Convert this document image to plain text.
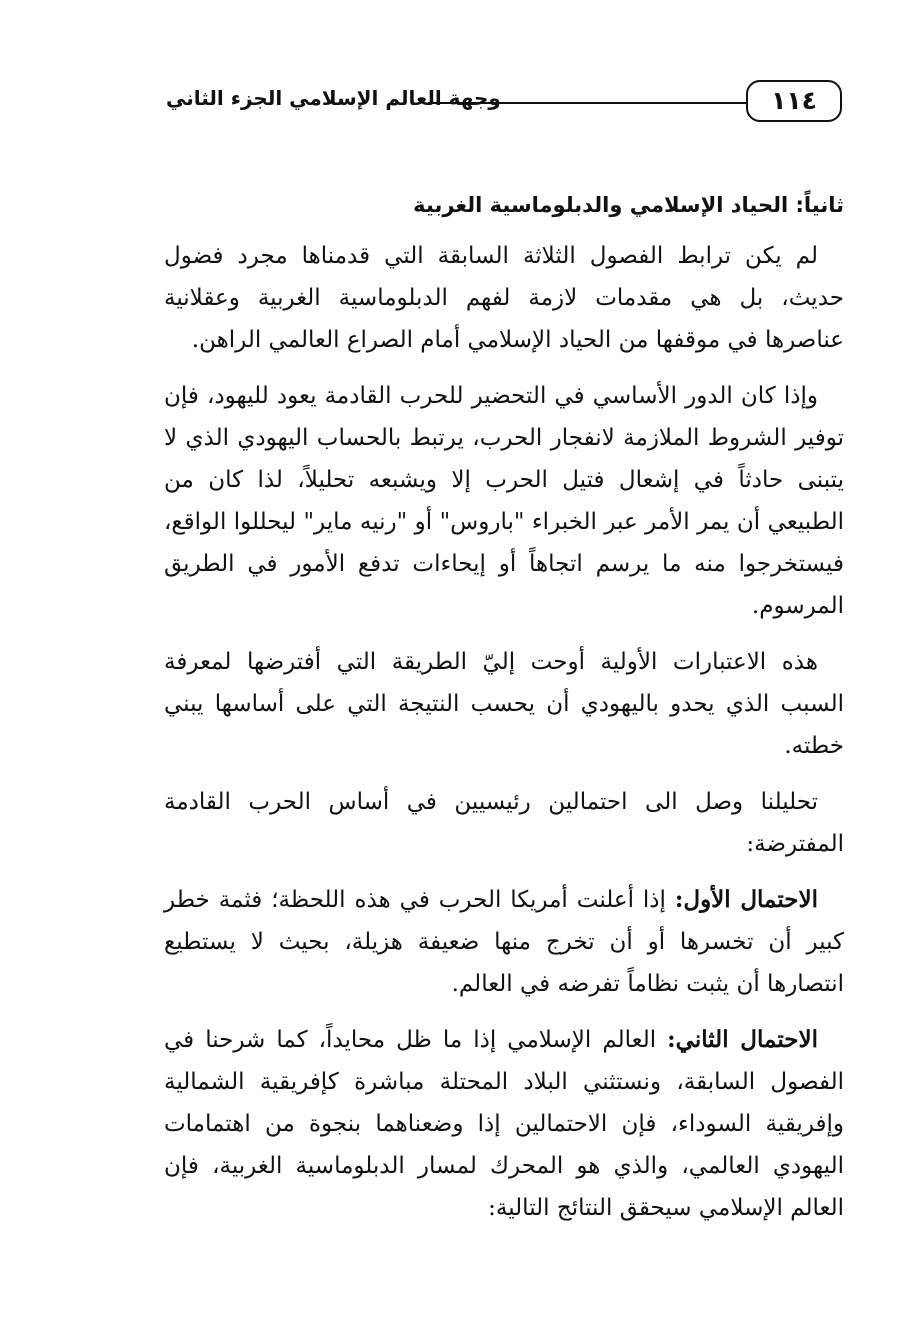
١١٤
وجهة العالم الإسلامي الجزء الثاني
ثانياً: الحياد الإسلامي والدبلوماسية الغربية

لم يكن ترابط الفصول الثلاثة السابقة التي قدمناها مجرد فضول حديث، بل هي مقدمات لازمة لفهم الدبلوماسية الغربية وعقلانية عناصرها في موقفها من الحياد الإسلامي أمام الصراع العالمي الراهن.

وإذا كان الدور الأساسي في التحضير للحرب القادمة يعود لليهود، فإن توفير الشروط الملازمة لانفجار الحرب، يرتبط بالحساب اليهودي الذي لا يتبنى حادثاً في إشعال فتيل الحرب إلا ويشبعه تحليلاً، لذا كان من الطبيعي أن يمر الأمر عبر الخبراء "باروس" أو "رنيه ماير" ليحللوا الواقع، فيستخرجوا منه ما يرسم اتجاهاً أو إيحاءات تدفع الأمور في الطريق المرسوم.

هذه الاعتبارات الأولية أوحت إليّ الطريقة التي أفترضها لمعرفة السبب الذي يحدو باليهودي أن يحسب النتيجة التي على أساسها يبني خطته.

تحليلنا وصل الى احتمالين رئيسيين في أساس الحرب القادمة المفترضة:

الاحتمال الأول: إذا أعلنت أمريكا الحرب في هذه اللحظة؛ فثمة خطر كبير أن تخسرها أو أن تخرج منها ضعيفة هزيلة، بحيث لا يستطيع انتصارها أن يثبت نظاماً تفرضه في العالم.

الاحتمال الثاني: العالم الإسلامي إذا ما ظل محايداً، كما شرحنا في الفصول السابقة، ونستثني البلاد المحتلة مباشرة كإفريقية الشمالية وإفريقية السوداء، فإن الاحتمالين إذا وضعناهما بنجوة من اهتمامات اليهودي العالمي، والذي هو المحرك لمسار الدبلوماسية الغربية، فإن العالم الإسلامي سيحقق النتائج التالية:
